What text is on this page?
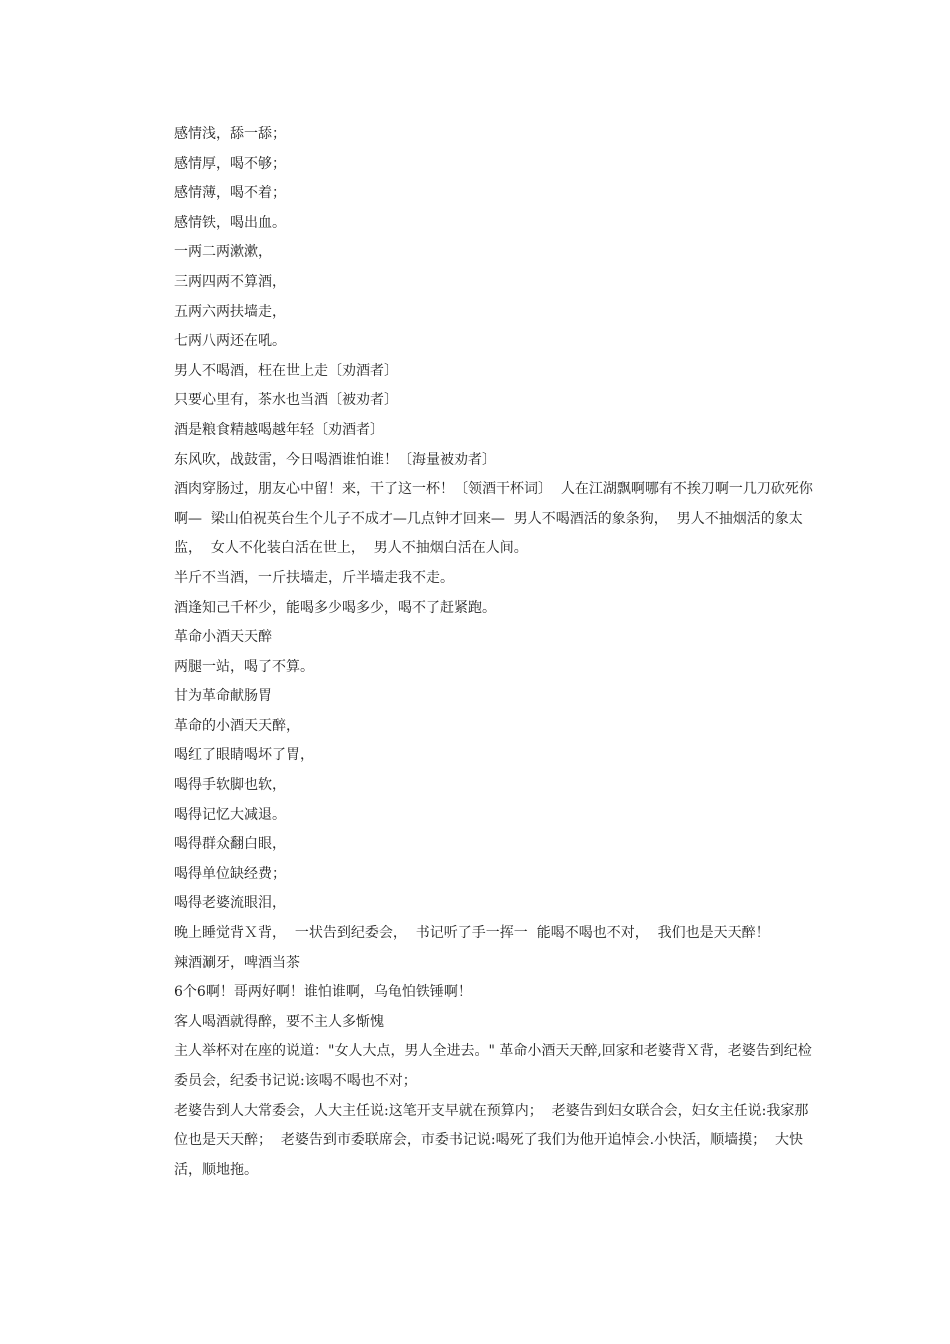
感情浅，舔一舔；

感情厚，喝不够；

感情薄，喝不着；

感情铁，喝出血。

一两二两漱漱，

三两四两不算酒，

五两六两扶墙走，

七两八两还在吼。

男人不喝酒，枉在世上走〔劝酒者〕

只要心里有，茶水也当酒〔被劝者〕

酒是粮食精越喝越年轻〔劝酒者〕

东风吹，战鼓雷，今日喝酒谁怕谁！〔海量被劝者〕

酒肉穿肠过，朋友心中留！来，干了这一杯！〔领酒干杯词〕  人在江湖飘啊哪有不挨刀啊一几刀砍死你啊—  梁山伯祝英台生个儿子不成才—几点钟才回来—  男人不喝酒活的象条狗，  男人不抽烟活的象太监，  女人不化装白活在世上，  男人不抽烟白活在人间。

半斤不当酒，一斤扶墙走，斤半墙走我不走。

酒逢知己千杯少，能喝多少喝多少，喝不了赶紧跑。

革命小酒天天醉

两腿一站，喝了不算。

甘为革命献肠胃

革命的小酒天天醉，

喝红了眼睛喝坏了胃，

喝得手软脚也软，

喝得记忆大减退。

喝得群众翻白眼，

喝得单位缺经费；

喝得老婆流眼泪，

晚上睡觉背Ｘ背，  一状告到纪委会，  书记听了手一挥一  能喝不喝也不对，  我们也是天天醉！

辣酒涮牙，啤酒当茶

6个6啊！哥两好啊！谁怕谁啊，乌龟怕铁锤啊！

客人喝酒就得醉，要不主人多惭愧

主人举杯对在座的说道："女人大点，男人全进去。" 革命小酒天天醉,回家和老婆背Ｘ背，老婆告到纪检委员会，纪委书记说:该喝不喝也不对；

老婆告到人大常委会，人大主任说:这笔开支早就在预算内；  老婆告到妇女联合会，妇女主任说:我家那位也是天天醉；  老婆告到市委联席会，市委书记说:喝死了我们为他开追悼会.小快活，顺墙摸；  大快活，顺地拖。
